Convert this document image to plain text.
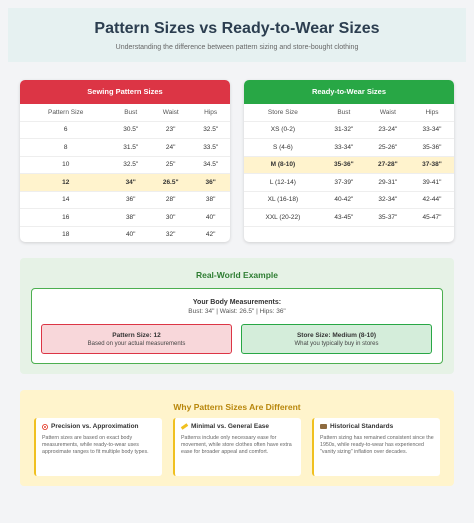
Pattern Sizes vs Ready-to-Wear Sizes
Understanding the difference between pattern sizing and store-bought clothing
Sewing Pattern Sizes
Pattern Size	Bust	Waist	Hips
6	30.5"	23"	32.5"
8	31.5"	24"	33.5"
10	32.5"	25"	34.5"
12	34"	26.5"	36"
14	36"	28"	38"
16	38"	30"	40"
18	40"	32"	42"
Ready-to-Wear Sizes
Store Size	Bust	Waist	Hips
XS (0-2)	31-32"	23-24"	33-34"
S (4-6)	33-34"	25-26"	35-36"
M (8-10)	35-36"	27-28"	37-38"
L (12-14)	37-39"	29-31"	39-41"
XL (16-18)	40-42"	32-34"	42-44"
XXL (20-22)	43-45"	35-37"	45-47"
Real-World Example
Your Body Measurements:
Bust: 34" | Waist: 26.5" | Hips: 36"
Pattern Size: 12
Based on your actual measurements
Store Size: Medium (8-10)
What you typically buy in stores
Why Pattern Sizes Are Different
Precision vs. Approximation
Pattern sizes are based on exact body measurements, while ready-to-wear uses approximate ranges to fit multiple body types.
Minimal vs. General Ease
Patterns include only necessary ease for movement, while store clothes often have extra ease for broader appeal and comfort.
Historical Standards
Pattern sizing has remained consistent since the 1950s, while ready-to-wear has experienced "vanity sizing" inflation over decades.
